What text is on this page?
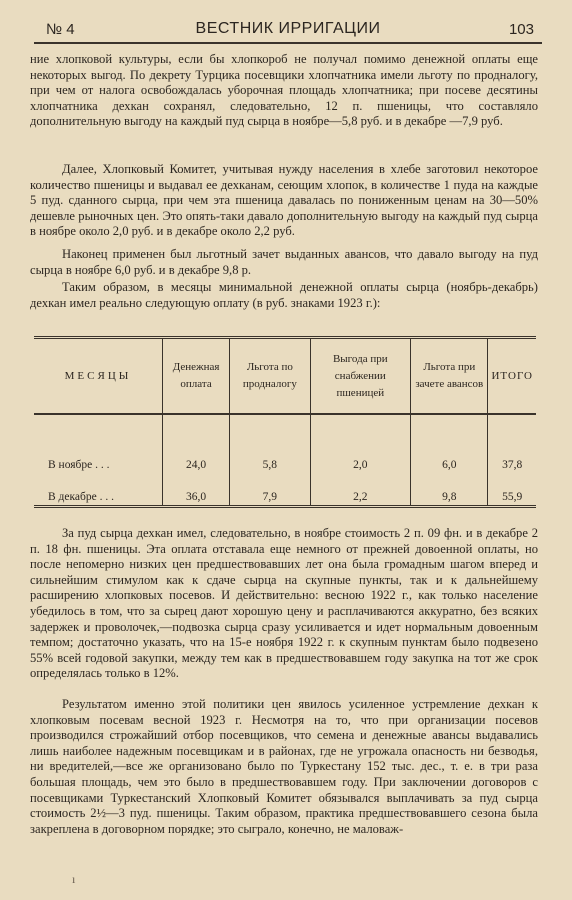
№ 4	ВЕСТНИК ИРРИГАЦИИ	103

ние хлопковой культуры, если бы хлопкороб не получал помимо денежной оплаты еще некоторых выгод. По декрету Турцика посевщики хлопчатника имели льготу по продналогу, при чем от налога освобождалась уборочная площадь хлопчатника; при посеве десятины хлопчатника дехкан сохранял, следовательно, 12 п. пшеницы, что составляло дополнительную выгоду на каждый пуд сырца в ноябре—5,8 руб. и в декабре —7,9 руб.

Далее, Хлопковый Комитет, учитывая нужду населения в хлебе заготовил некоторое количество пшеницы и выдавал ее дехканам, сеющим хлопок, в количестве 1 пуда на каждые 5 пуд. сданного сырца, при чем эта пшеница давалась по пониженным ценам на 30—50% дешевле рыночных цен. Это опять-таки давало дополнительную выгоду на каждый пуд сырца в ноябре около 2,0 руб. и в декабре около 2,2 руб.

Наконец применен был льготный зачет выданных авансов, что давало выгоду на пуд сырца в ноябре 6,0 руб. и в декабре 9,8 р.

Таким образом, в месяцы минимальной денежной оплаты сырца (ноябрь-декабрь) дехкан имел реально следующую оплату (в руб. знаками 1923 г.):

МЕСЯЦЫ	Денежная оплата	Льгота по продналогу	Выгода при снабжении пшеницей	Льгота при зачете авансов	ИТОГО
В ноябре . . .	24,0	5,8	2,0	6,0	37,8
В декабре . . .	36,0	7,9	2,2	9,8	55,9

За пуд сырца дехкан имел, следовательно, в ноябре стоимость 2 п. 09 фн. и в декабре 2 п. 18 фн. пшеницы. Эта оплата отставала еще немного от прежней довоенной оплаты, но после непомерно низких цен предшествовавших лет она была громадным шагом вперед и сильнейшим стимулом как к сдаче сырца на скупные пункты, так и к дальнейшему расширению хлопковых посевов. И действительно: весною 1922 г., как только население убедилось в том, что за сырец дают хорошую цену и расплачиваются аккуратно, без всяких задержек и проволочек,—подвозка сырца сразу усиливается и идет нормальным довоенным темпом; достаточно указать, что на 15-е ноября 1922 г. к скупным пунктам было подвезено 55% всей годовой закупки, между тем как в предшествовавшем году закупка на тот же срок определялась только в 12%.

Результатом именно этой политики цен явилось усиленное устремление дехкан к хлопковым посевам весной 1923 г. Несмотря на то, что при организации посевов производился строжайший отбор посевщиков, что семена и денежные авансы выдавались лишь наиболее надежным посевщикам и в районах, где не угрожала опасность ни безводья, ни вредителей,—все же организовано было по Туркестану 152 тыс. дес., т. е. в три раза большая площадь, чем это было в предшествовавшем году. При заключении договоров с посевщиками Туркестанский Хлопковый Комитет обязывался выплачивать за пуд сырца стоимость 2½—3 пуд. пшеницы. Таким образом, практика предшествовавшего сезона была закреплена в договорном порядке; это сыграло, конечно, не маловаж-

ı
